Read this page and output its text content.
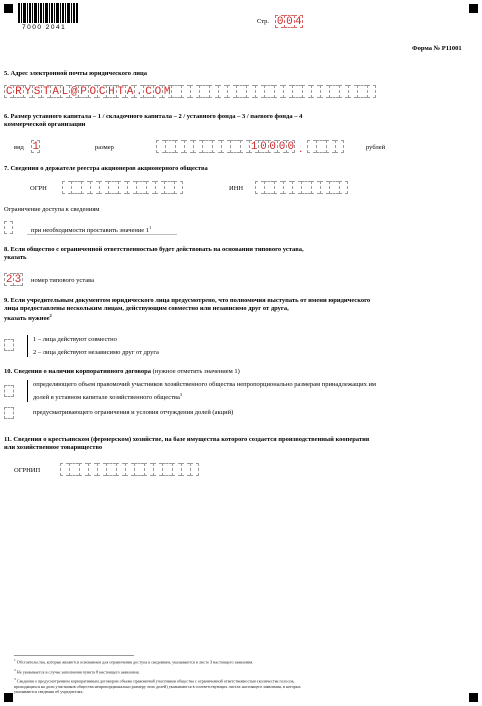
7000 2041
Стр. 0 0 4
Форма № Р11001
5. Адрес электронной почты юридического лица
C R Y S T A L @ P O C H T A . C O M
6. Размер уставного капитала – 1 / складочного капитала – 2 / уставного фонда – 3 / паевого фонда – 4
коммерческой организации
вид 1	размер	1 0 0 0 0 .	рублей
7. Сведения о держателе реестра акционеров акционерного общества
ОГРН	ИНН
Ограничение доступа к сведениям
при необходимости проставить значение $1^1$
8. Если общество с ограниченной ответственностью будет действовать на основании типового устава,
указать
2 3 номер типового устава
9. Если учредительным документом юридического лица предусмотрено, что полномочия выступать от имени юридического
лица предоставлены нескольким лицам, действующим совместно или независимо друг от друга,
указать нужное$^2$
1 – лица действуют совместно
2 – лица действуют независимо друг от друга
10. Сведения о наличии корпоративного договора (нужное отметить значением 1)
определяющего объем правомочий участников хозяйственного общества непропорционально размерам принадлежащих им
долей в уставном капитале хозяйственного общества$^3$
предусматривающего ограничения и условия отчуждения долей (акций)
11. Сведения о крестьянском (фермерском) хозяйстве, на базе имущества которого создается производственный кооператив
или хозяйственное товарищество
ОГРНИП
$^1$ Обстоятельства, которые являются основанием для ограничения доступа к сведениям, указываются в листе З настоящего заявления.
$^2$ Не указывается в случае заполнения пункта 8 настоящего заявления.
$^3$ Сведения о предусмотренном корпоративным договором объеме правомочий участников общества с ограниченной ответственностью (количестве голосов,
приходящихся на доли участников общества непропорционально размеру этих долей) указываются в соответствующих листах настоящего заявления, в которых
указываются сведения об учредителях.
